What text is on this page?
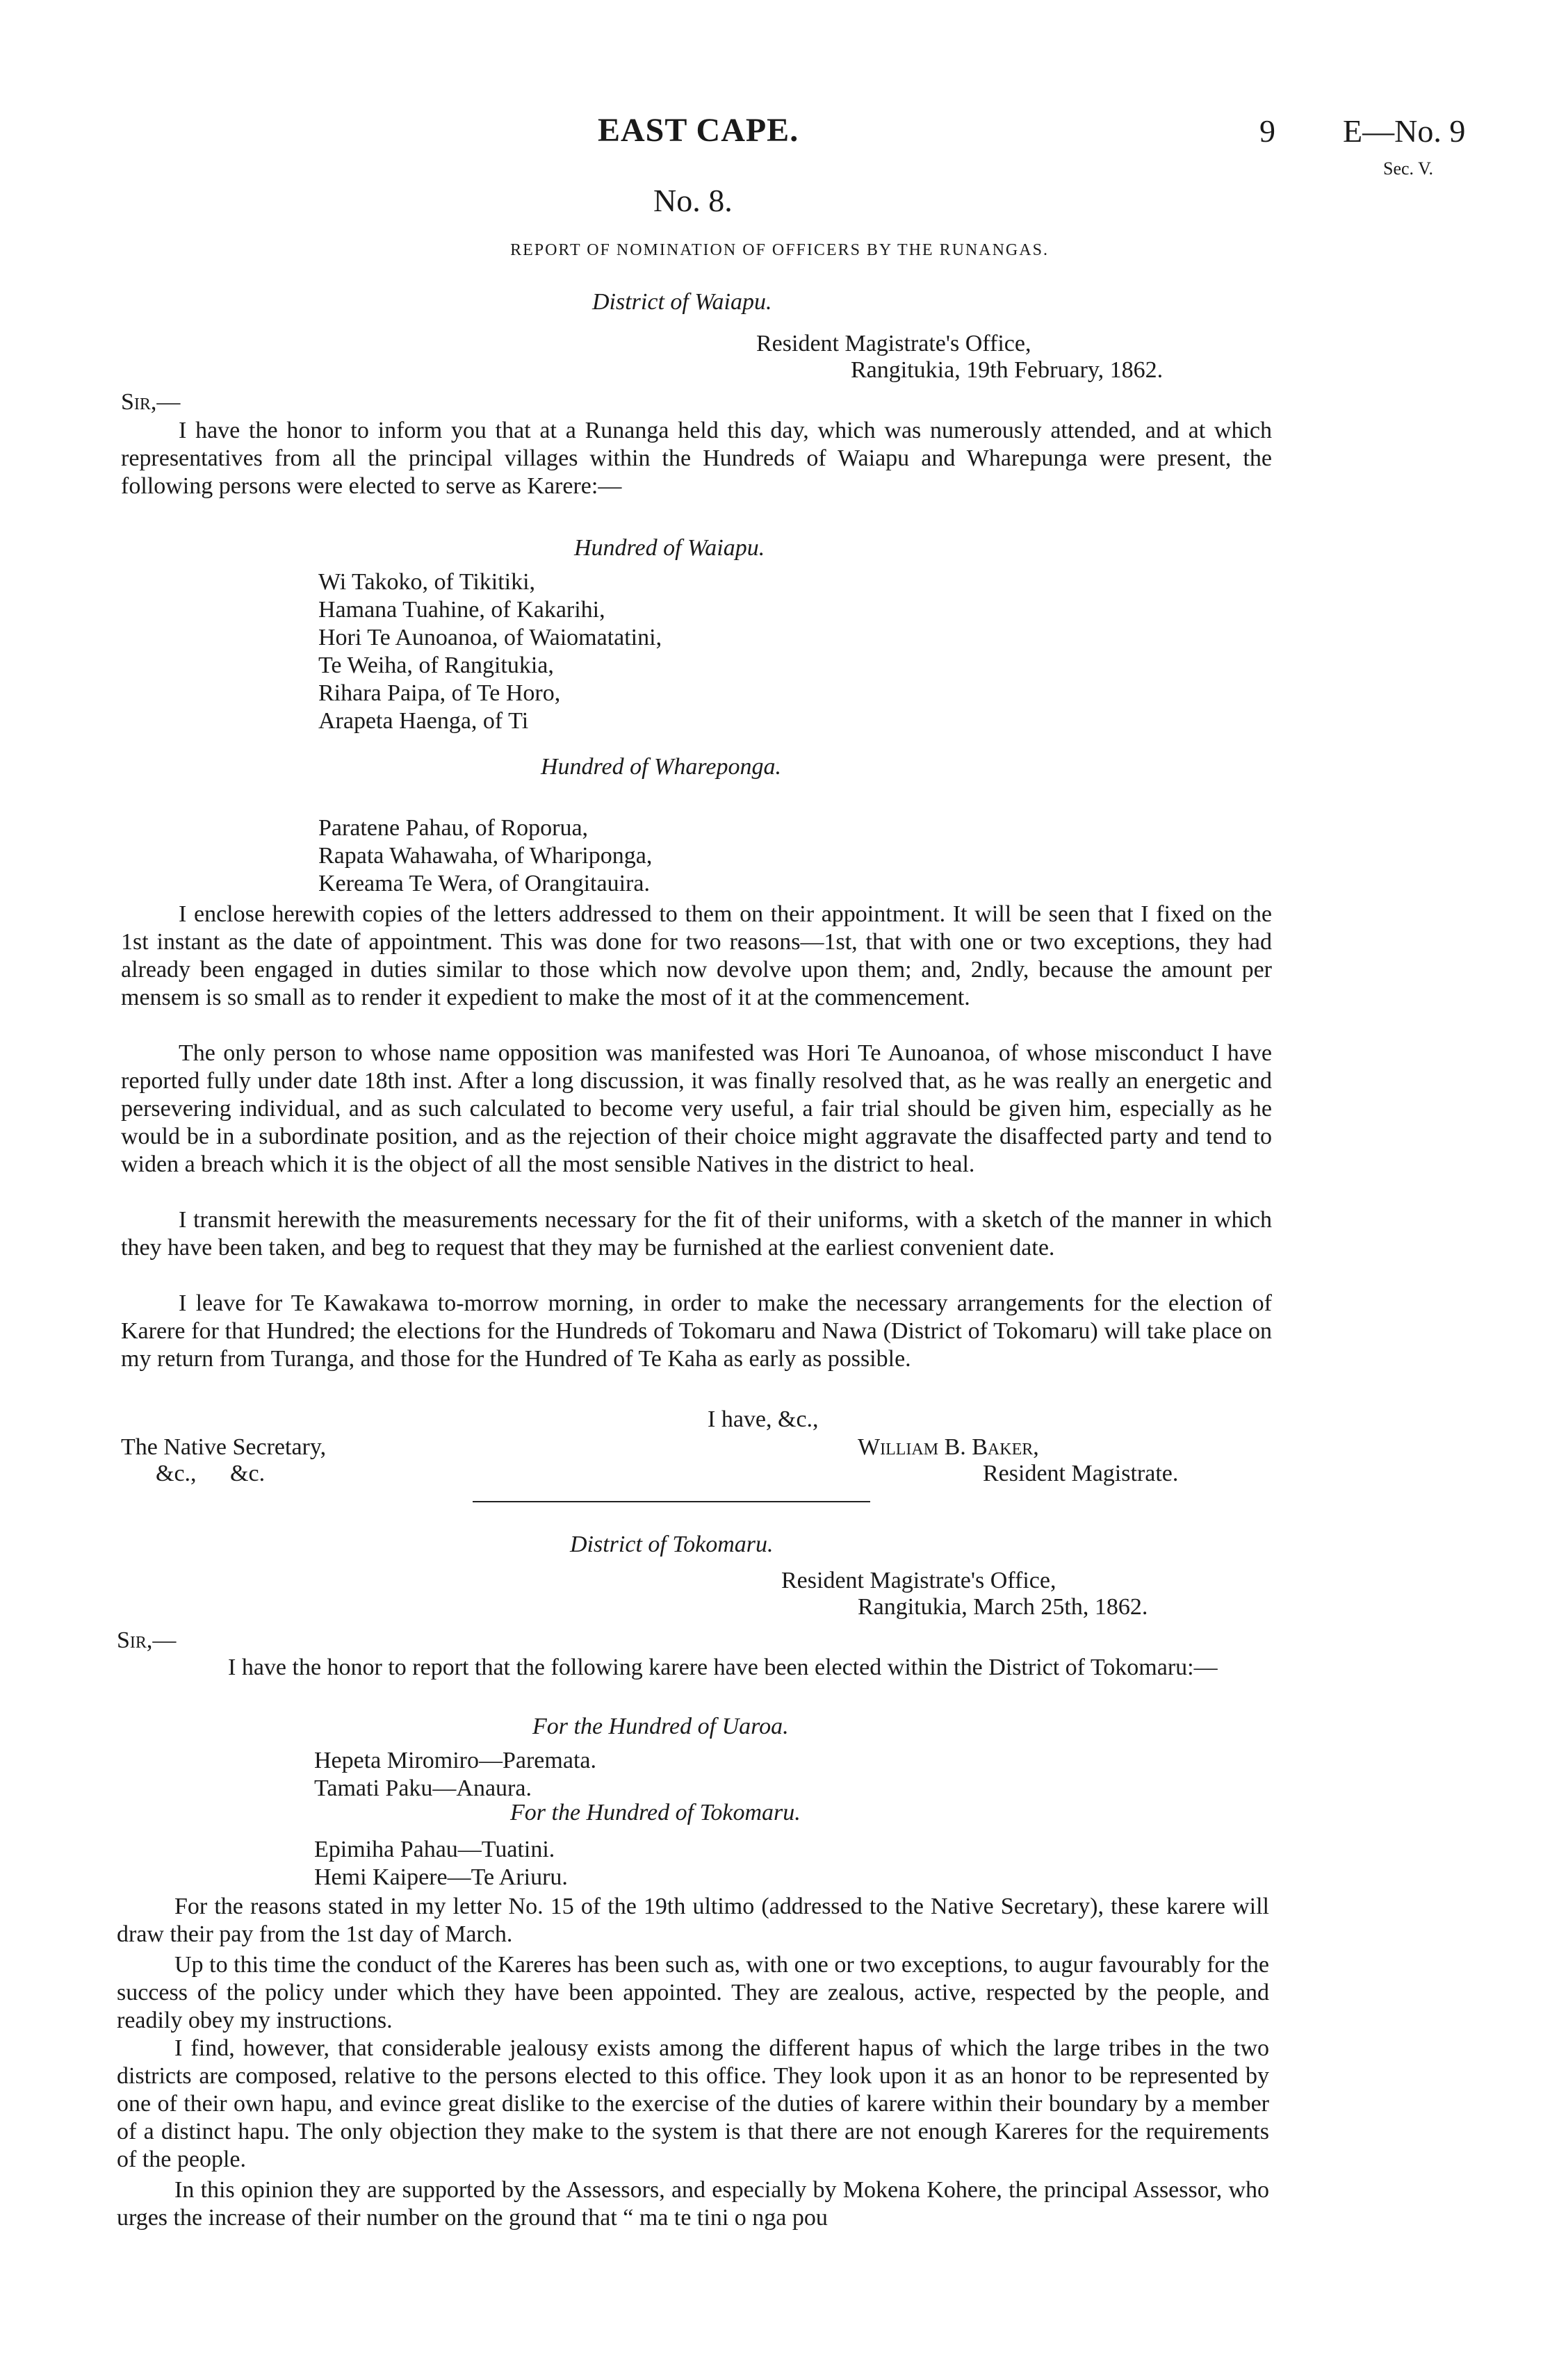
EAST CAPE.	9 E—No. 9
Sec. V.
No. 8.
REPORT OF NOMINATION OF OFFICERS BY THE RUNANGAS.
District of Waiapu.
Resident Magistrate's Office,
Rangitukia, 19th February, 1862.
Sir,—

I have the honor to inform you that at a Runanga held this day, which was numerously attended, and at which representatives from all the principal villages within the Hundreds of Waiapu and Wharepunga were present, the following persons were elected to serve as Karere:—

Hundred of Waiapu.
Wi Takoko, of Tikitiki,
Hamana Tuahine, of Kakarihi,
Hori Te Aunoanoa, of Waiomatatini,
Te Weiha, of Rangitukia,
Rihara Paipa, of Te Horo,
Arapeta Haenga, of Ti
Hundred of Whareponga.
Paratene Pahau, of Roporua,
Rapata Wahawaha, of Whariponga,
Kereama Te Wera, of Orangitauira.

I enclose herewith copies of the letters addressed to them on their appointment. It will be seen that I fixed on the 1st instant as the date of appointment. This was done for two reasons—1st, that with one or two exceptions, they had already been engaged in duties similar to those which now devolve upon them; and, 2ndly, because the amount per mensem is so small as to render it expedient to make the most of it at the commencement.

The only person to whose name opposition was manifested was Hori Te Aunoanoa, of whose misconduct I have reported fully under date 18th inst. After a long discussion, it was finally resolved that, as he was really an energetic and persevering individual, and as such calculated to become very useful, a fair trial should be given him, especially as he would be in a subordinate position, and as the rejection of their choice might aggravate the disaffected party and tend to widen a breach which it is the object of all the most sensible Natives in the district to heal.

I transmit herewith the measurements necessary for the fit of their uniforms, with a sketch of the manner in which they have been taken, and beg to request that they may be furnished at the earliest convenient date.

I leave for Te Kawakawa to-morrow morning, in order to make the necessary arrangements for the election of Karere for that Hundred; the elections for the Hundreds of Tokomaru and Nawa (District of Tokomaru) will take place on my return from Turanga, and those for the Hundred of Te Kaha as early as possible.

I have, &c.,
The Native Secretary,	William B. Baker,
&c., &c.	Resident Magistrate.
District of Tokomaru.
Resident Magistrate's Office,
Rangitukia, March 25th, 1862.
Sir,—

I have the honor to report that the following karere have been elected within the District of Tokomaru:—

For the Hundred of Uaroa.
Hepeta Miromiro—Paremata.
Tamati Paku—Anaura.
For the Hundred of Tokomaru.
Epimiha Pahau—Tuatini.
Hemi Kaipere—Te Ariuru.

For the reasons stated in my letter No. 15 of the 19th ultimo (addressed to the Native Secretary), these karere will draw their pay from the 1st day of March.

Up to this time the conduct of the Kareres has been such as, with one or two exceptions, to augur favourably for the success of the policy under which they have been appointed. They are zealous, active, respected by the people, and readily obey my instructions.

I find, however, that considerable jealousy exists among the different hapus of which the large tribes in the two districts are composed, relative to the persons elected to this office. They look upon it as an honor to be represented by one of their own hapu, and evince great dislike to the exercise of the duties of karere within their boundary by a member of a distinct hapu. The only objection they make to the system is that there are not enough Kareres for the requirements of the people.

In this opinion they are supported by the Assessors, and especially by Mokena Kohere, the principal Assessor, who urges the increase of their number on the ground that “ ma te tini o nga pou
